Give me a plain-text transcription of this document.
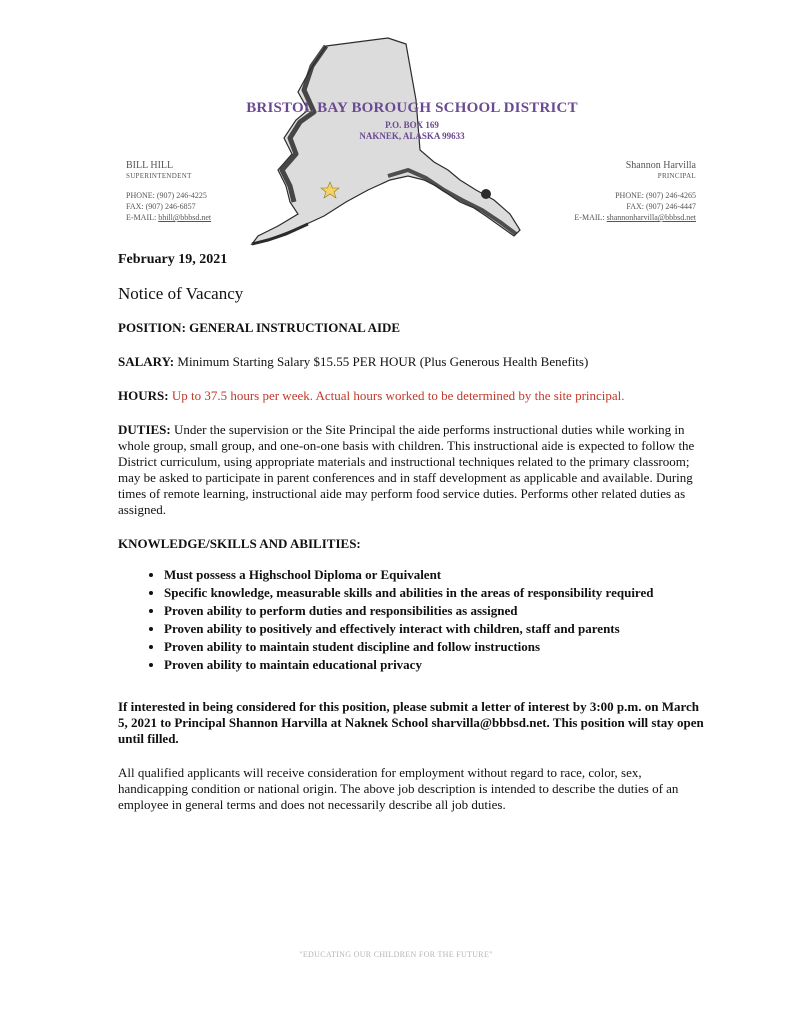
BRISTOL BAY BOROUGH SCHOOL DISTRICT
P.O. BOX 169
NAKNEK, ALASKA 99633
BILL HILL
SUPERINTENDENT
PHONE: (907) 246-4225
FAX: (907) 246-6857
E-MAIL: bhill@bbbsd.net
Shannon Harvilla
PRINCIPAL
PHONE: (907) 246-4265
FAX: (907) 246-4447
E-MAIL: shannonharvilla@bbbsd.net
February 19, 2021
Notice of Vacancy
POSITION: GENERAL INSTRUCTIONAL AIDE
SALARY: Minimum Starting Salary $15.55 PER HOUR (Plus Generous Health Benefits)
HOURS: Up to 37.5 hours per week. Actual hours worked to be determined by the site principal.
DUTIES: Under the supervision or the Site Principal the aide performs instructional duties while working in whole group, small group, and one-on-one basis with children. This instructional aide is expected to follow the District curriculum, using appropriate materials and instructional techniques related to the primary classroom; may be asked to participate in parent conferences and in staff development as applicable and available. During times of remote learning, instructional aide may perform food service duties. Performs other related duties as assigned.
KNOWLEDGE/SKILLS AND ABILITIES:
• Must possess a Highschool Diploma or Equivalent
• Specific knowledge, measurable skills and abilities in the areas of responsibility required
• Proven ability to perform duties and responsibilities as assigned
• Proven ability to positively and effectively interact with children, staff and parents
• Proven ability to maintain student discipline and follow instructions
• Proven ability to maintain educational privacy
If interested in being considered for this position, please submit a letter of interest by 3:00 p.m. on March 5, 2021 to Principal Shannon Harvilla at Naknek School sharvilla@bbbsd.net. This position will stay open until filled.
All qualified applicants will receive consideration for employment without regard to race, color, sex, handicapping condition or national origin. The above job description is intended to describe the duties of an employee in general terms and does not necessarily describe all job duties.
"EDUCATING OUR CHILDREN FOR THE FUTURE"
